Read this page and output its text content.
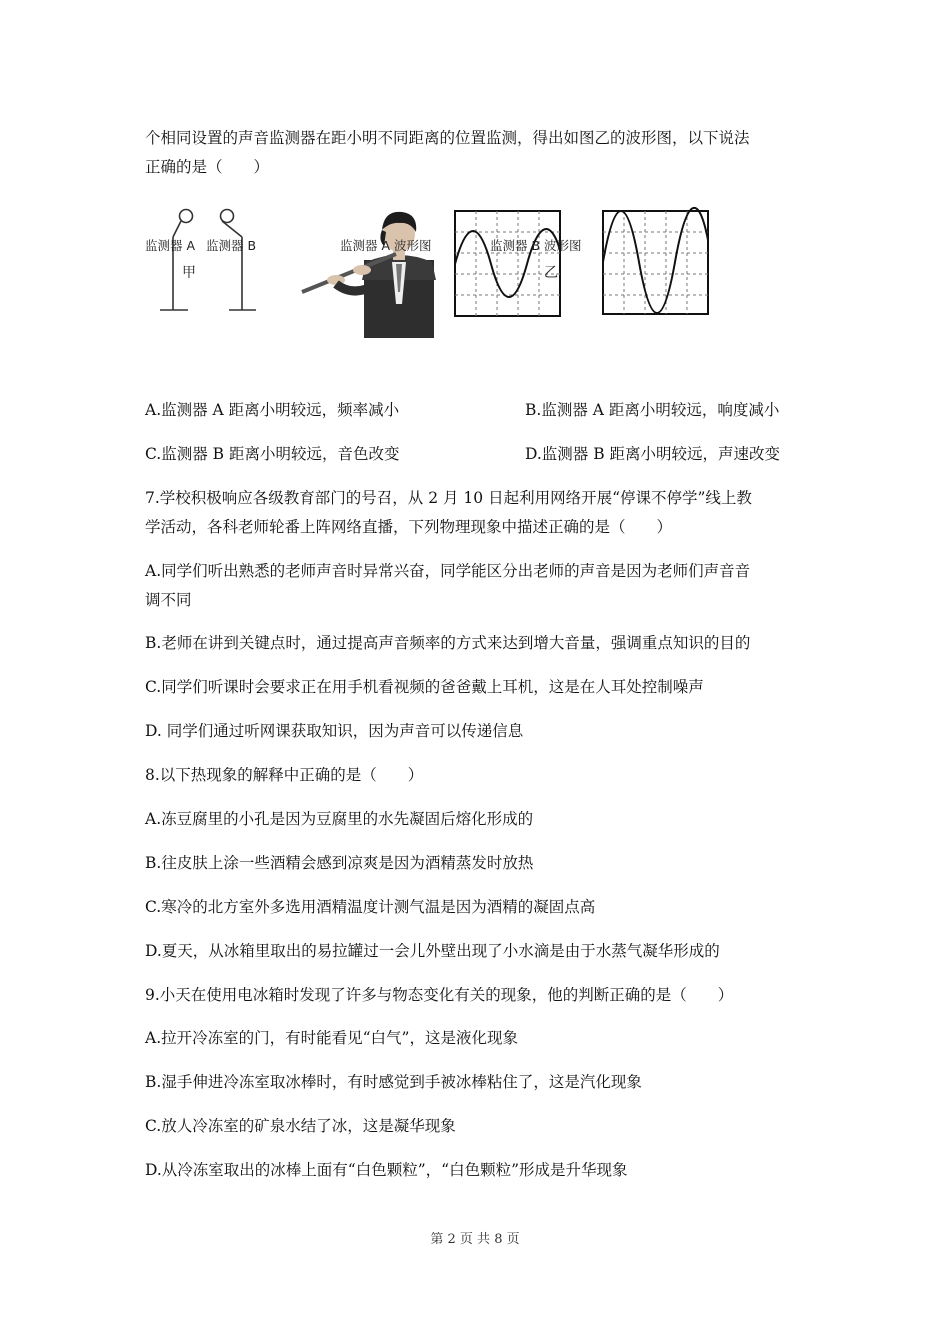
个相同设置的声音监测器在距小明不同距离的位置监测，得出如图乙的波形图，以下说法
正确的是（　　）
监测器 A 监测器 B
甲
监测器 A 波形图	监测器 B 波形图
乙
A.监测器 A 距离小明较远，频率减小	B.监测器 A 距离小明较远，响度减小
C.监测器 B 距离小明较远，音色改变	D.监测器 B 距离小明较远，声速改变
7.学校积极响应各级教育部门的号召，从 2 月 10 日起利用网络开展“停课不停学”线上教
学活动，各科老师轮番上阵网络直播，下列物理现象中描述正确的是（　　）
A.同学们听出熟悉的老师声音时异常兴奋，同学能区分出老师的声音是因为老师们声音音
调不同
B.老师在讲到关键点时，通过提高声音频率的方式来达到增大音量，强调重点知识的目的
C.同学们听课时会要求正在用手机看视频的爸爸戴上耳机，这是在人耳处控制噪声
D. 同学们通过听网课获取知识，因为声音可以传递信息
8.以下热现象的解释中正确的是（　　）
A.冻豆腐里的小孔是因为豆腐里的水先凝固后熔化形成的
B.往皮肤上涂一些酒精会感到凉爽是因为酒精蒸发时放热
C.寒冷的北方室外多选用酒精温度计测气温是因为酒精的凝固点高
D.夏天，从冰箱里取出的易拉罐过一会儿外壁出现了小水滴是由于水蒸气凝华形成的
9.小天在使用电冰箱时发现了许多与物态变化有关的现象，他的判断正确的是（　　）
A.拉开冷冻室的门，有时能看见“白气”，这是液化现象
B.湿手伸进冷冻室取冰棒时，有时感觉到手被冰棒粘住了，这是汽化现象
C.放人冷冻室的矿泉水结了冰，这是凝华现象
D.从冷冻室取出的冰棒上面有“白色颗粒”，“白色颗粒”形成是升华现象
第 2 页 共 8 页
